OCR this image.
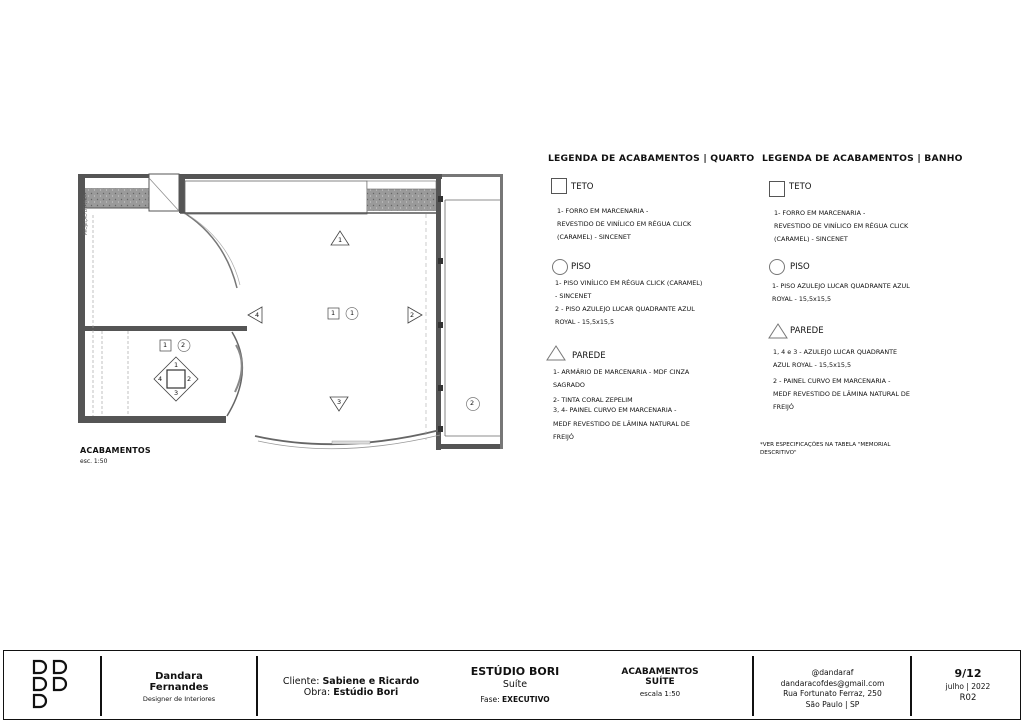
PROJEÇÃO DE VIGA
1
4	2
3
1 1
1 2
1
2
3
4
2
ACABAMENTOS
esc. 1:50
LEGENDA DE ACABAMENTOS | QUARTO
TETO
1- FORRO EM MARCENARIA -
REVESTIDO DE VINÍLICO EM RÉGUA CLICK
(CARAMEL) - SINCENET
PISO
1- PISO VINÍLICO EM RÉGUA CLICK (CARAMEL)
- SINCENET
2 - PISO AZULEJO LUCAR QUADRANTE AZUL
ROYAL - 15,5x15,5
PAREDE
1- ARMÁRIO DE MARCENARIA - MDF CINZA
SAGRADO
2- TINTA CORAL ZEPELIM
3, 4- PAINEL CURVO EM MARCENARIA -
MEDF REVESTIDO DE LÂMINA NATURAL DE
FREIJÓ
LEGENDA DE ACABAMENTOS | BANHO
TETO
1- FORRO EM MARCENARIA -
REVESTIDO DE VINÍLICO EM RÉGUA CLICK
(CARAMEL) - SINCENET
PISO
1- PISO AZULEJO LUCAR QUADRANTE AZUL
ROYAL - 15,5x15,5
PAREDE
1, 4 e 3 - AZULEJO LUCAR QUADRANTE
AZUL ROYAL - 15,5x15,5
2 - PAINEL CURVO EM MARCENARIA -
MEDF REVESTIDO DE LÂMINA NATURAL DE
FREIJÓ
*VER ESPECIFICAÇÕES NA TABELA "MEMORIAL
DESCRITIVO"
Dandara
Fernandes
Designer de Interiores
Cliente: Sabiene e Ricardo
Obra: Estúdio Bori
ESTÚDIO BORI
Suíte
Fase: EXECUTIVO
ACABAMENTOS
SUÍTE
escala 1:50
@dandaraf
dandaracofdes@gmail.com
Rua Fortunato Ferraz, 250
São Paulo | SP
9/12
julho | 2022
R02
